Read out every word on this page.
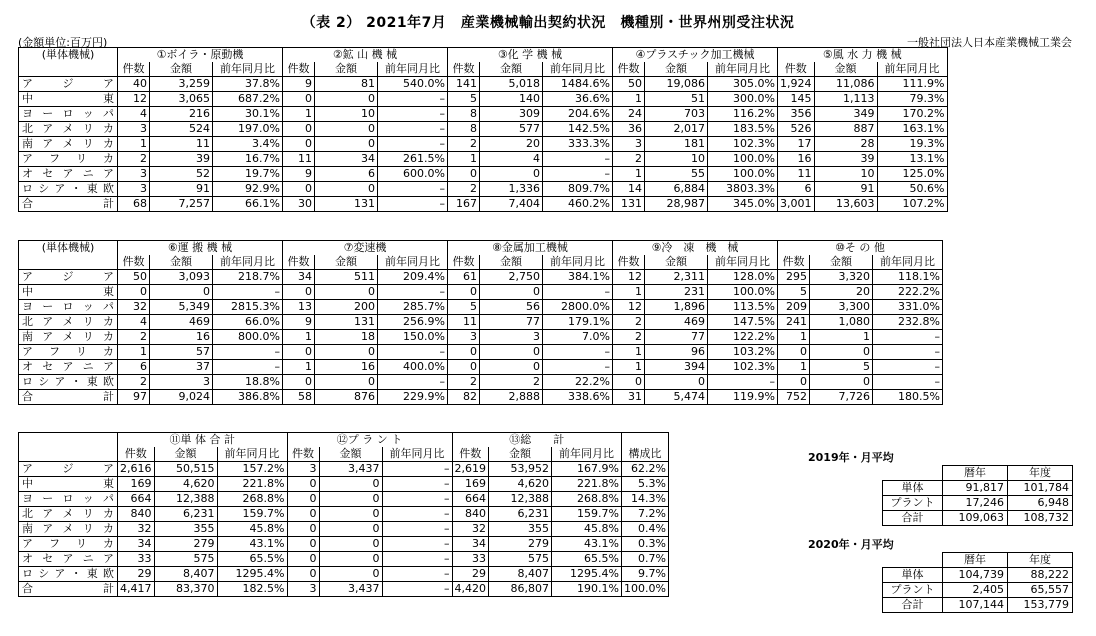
（表 2） 2021年7月　産業機械輸出契約状況　機種別・世界州別受注状況
(金額単位:百万円)	一般社団法人日本産業機械工業会
(単体機械)	①ボイラ・原動機			②鉱 山 機 械			③化 学 機 械			④プラスチック加工機械			⑤風 水 力 機 械		
	件数	金額	前年同月比	件数	金額	前年同月比	件数	金額	前年同月比	件数	金額	前年同月比	件数	金額	前年同月比
ア　ジ　ア	40	3,259	37.8%	9	81	540.0%	141	5,018	1484.6%	50	19,086	305.0%	1,924	11,086	111.9%
中　　　東	12	3,065	687.2%	0	0	–	5	140	36.6%	1	51	300.0%	145	1,113	79.3%
ヨ ー ロ ッ パ	4	216	30.1%	1	10	–	8	309	204.6%	24	703	116.2%	356	349	170.2%
北 ア メ リ カ	3	524	197.0%	0	0	–	8	577	142.5%	36	2,017	183.5%	526	887	163.1%
南 ア メ リ カ	1	11	3.4%	0	0	–	2	20	333.3%	3	181	102.3%	17	28	19.3%
ア フ リ カ	2	39	16.7%	11	34	261.5%	1	4	–	2	10	100.0%	16	39	13.1%
オ セ ア ニ ア	3	52	19.7%	9	6	600.0%	0	0	–	1	55	100.0%	11	10	125.0%
ロシア・東欧	3	91	92.9%	0	0	–	2	1,336	809.7%	14	6,884	3803.3%	6	91	50.6%
合　　　計	68	7,257	66.1%	30	131	–	167	7,404	460.2%	131	28,987	345.0%	3,001	13,603	107.2%
(単体機械)	⑥運 搬 機 械			⑦変速機			⑧金属加工機械			⑨冷　凍　機　械			⑩そ の 他		
	件数	金額	前年同月比	件数	金額	前年同月比	件数	金額	前年同月比	件数	金額	前年同月比	件数	金額	前年同月比
ア　ジ　ア	50	3,093	218.7%	34	511	209.4%	61	2,750	384.1%	12	2,311	128.0%	295	3,320	118.1%
中　　　東	0	0	–	0	0	–	0	0	–	1	231	100.0%	5	20	222.2%
ヨ ー ロ ッ パ	32	5,349	2815.3%	13	200	285.7%	5	56	2800.0%	12	1,896	113.5%	209	3,300	331.0%
北 ア メ リ カ	4	469	66.0%	9	131	256.9%	11	77	179.1%	2	469	147.5%	241	1,080	232.8%
南 ア メ リ カ	2	16	800.0%	1	18	150.0%	3	3	7.0%	2	77	122.2%	1	1	–
ア フ リ カ	1	57	–	0	0	–	0	0	–	1	96	103.2%	0	0	–
オ セ ア ニ ア	6	37	–	1	16	400.0%	0	0	–	1	394	102.3%	1	5	–
ロシア・東欧	2	3	18.8%	0	0	–	2	2	22.2%	0	0	–	0	0	–
合　　　計	97	9,024	386.8%	58	876	229.9%	82	2,888	338.6%	31	5,474	119.9%	752	7,726	180.5%
	⑪単 体 合 計			⑫プ ラ ン ト			⑬総　　計			
	件数	金額	前年同月比	件数	金額	前年同月比	件数	金額	前年同月比	構成比
ア　ジ　ア	2,616	50,515	157.2%	3	3,437	–	2,619	53,952	167.9%	62.2%
中　　　東	169	4,620	221.8%	0	0	–	169	4,620	221.8%	5.3%
ヨ ー ロ ッ パ	664	12,388	268.8%	0	0	–	664	12,388	268.8%	14.3%
北 ア メ リ カ	840	6,231	159.7%	0	0	–	840	6,231	159.7%	7.2%
南 ア メ リ カ	32	355	45.8%	0	0	–	32	355	45.8%	0.4%
ア フ リ カ	34	279	43.1%	0	0	–	34	279	43.1%	0.3%
オ セ ア ニ ア	33	575	65.5%	0	0	–	33	575	65.5%	0.7%
ロシア・東欧	29	8,407	1295.4%	0	0	–	29	8,407	1295.4%	9.7%
合　　　計	4,417	83,370	182.5%	3	3,437	–	4,420	86,807	190.1%	100.0%
2019年・月平均
	暦年	年度
単体	91,817	101,784
プラント	17,246	6,948
合計	109,063	108,732
2020年・月平均
	暦年	年度
単体	104,739	88,222
プラント	2,405	65,557
合計	107,144	153,779
